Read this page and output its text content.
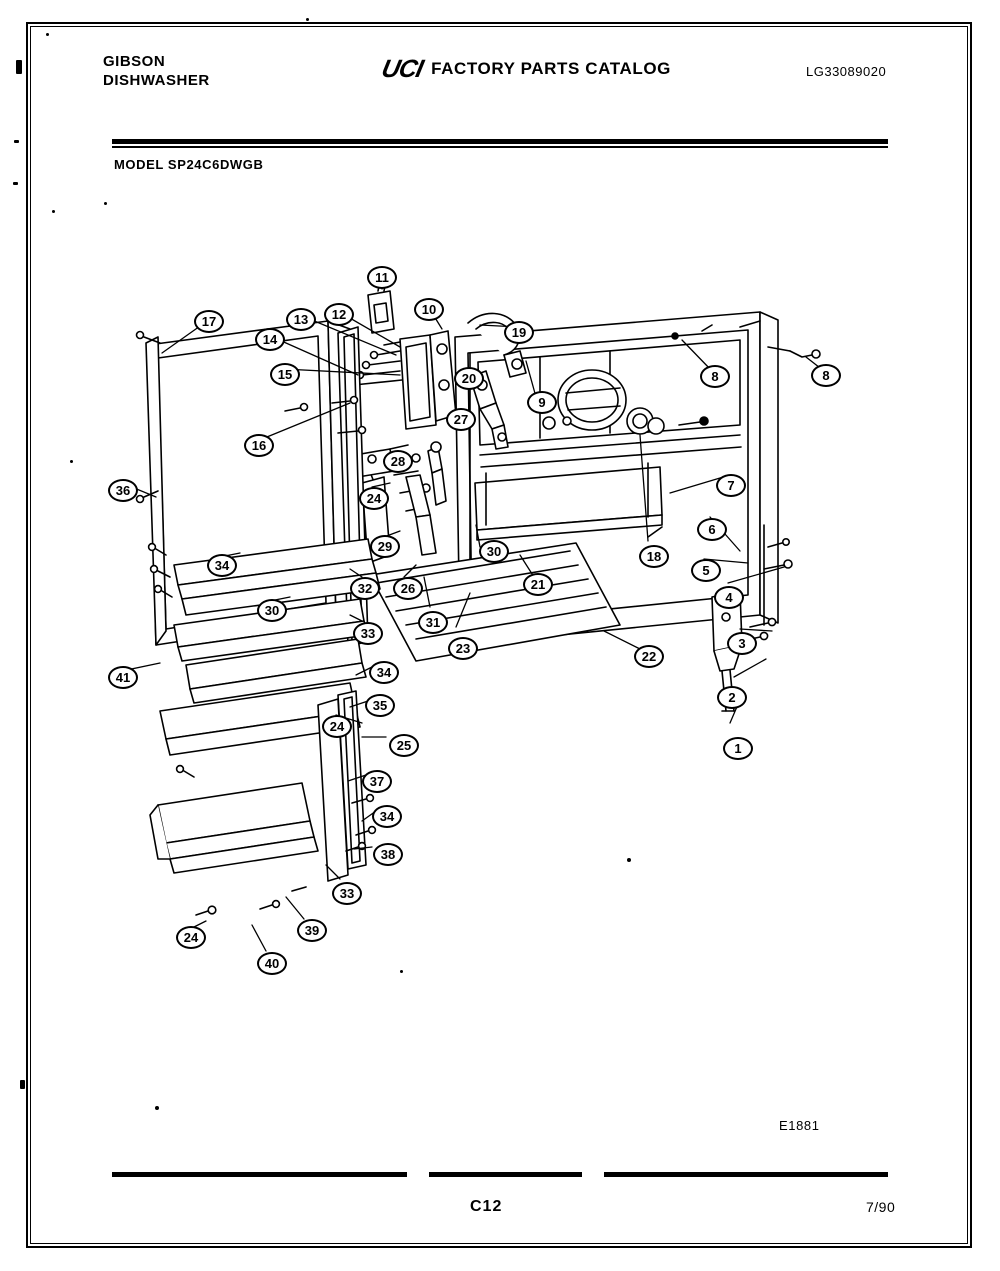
GIBSON
DISHWASHER	UCI FACTORY PARTS CATALOG	LG33089020
MODEL SP24C6DWGB
1
2
3
4
5
6
7
8	8
9
10
11
12
13
14
15
16
17
18
19
20
21
22
23
24
24
24
25
26
27
28
29	30
30
31
32
33
33
34
34
34
35
36
37
38
39
40
41
E1881
C12	7/90
